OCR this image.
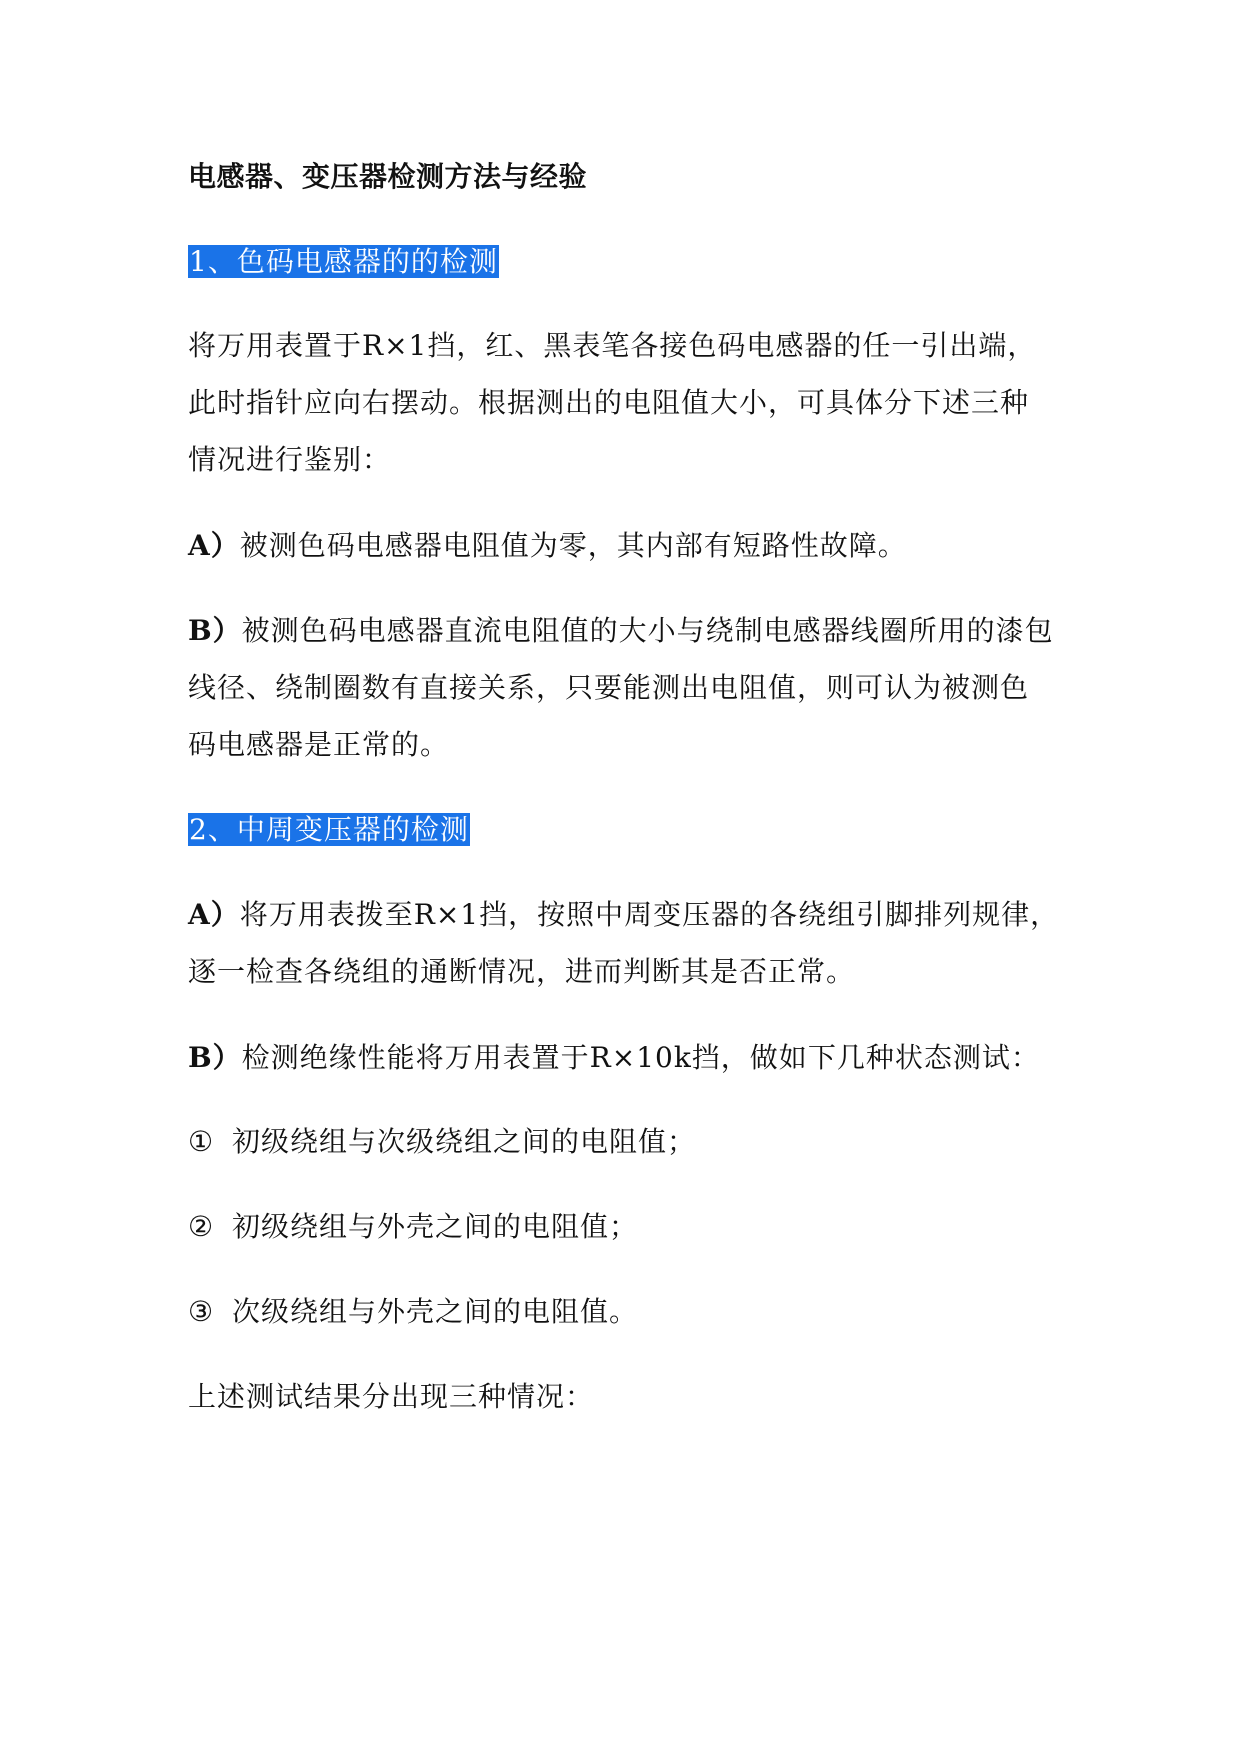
电感器、变压器检测方法与经验
1、色码电感器的的检测
将万用表置于R×1挡，红、黑表笔各接色码电感器的任一引出端，
此时指针应向右摆动。根据测出的电阻值大小，可具体分下述三种
情况进行鉴别：
A）被测色码电感器电阻值为零，其内部有短路性故障。
B）被测色码电感器直流电阻值的大小与绕制电感器线圈所用的漆包
线径、绕制圈数有直接关系，只要能测出电阻值，则可认为被测色
码电感器是正常的。
2、中周变压器的检测
A）将万用表拨至R×1挡，按照中周变压器的各绕组引脚排列规律，
逐一检查各绕组的通断情况，进而判断其是否正常。
B）检测绝缘性能将万用表置于R×10k挡，做如下几种状态测试：
① 初级绕组与次级绕组之间的电阻值；
② 初级绕组与外壳之间的电阻值；
③ 次级绕组与外壳之间的电阻值。
上述测试结果分出现三种情况：
